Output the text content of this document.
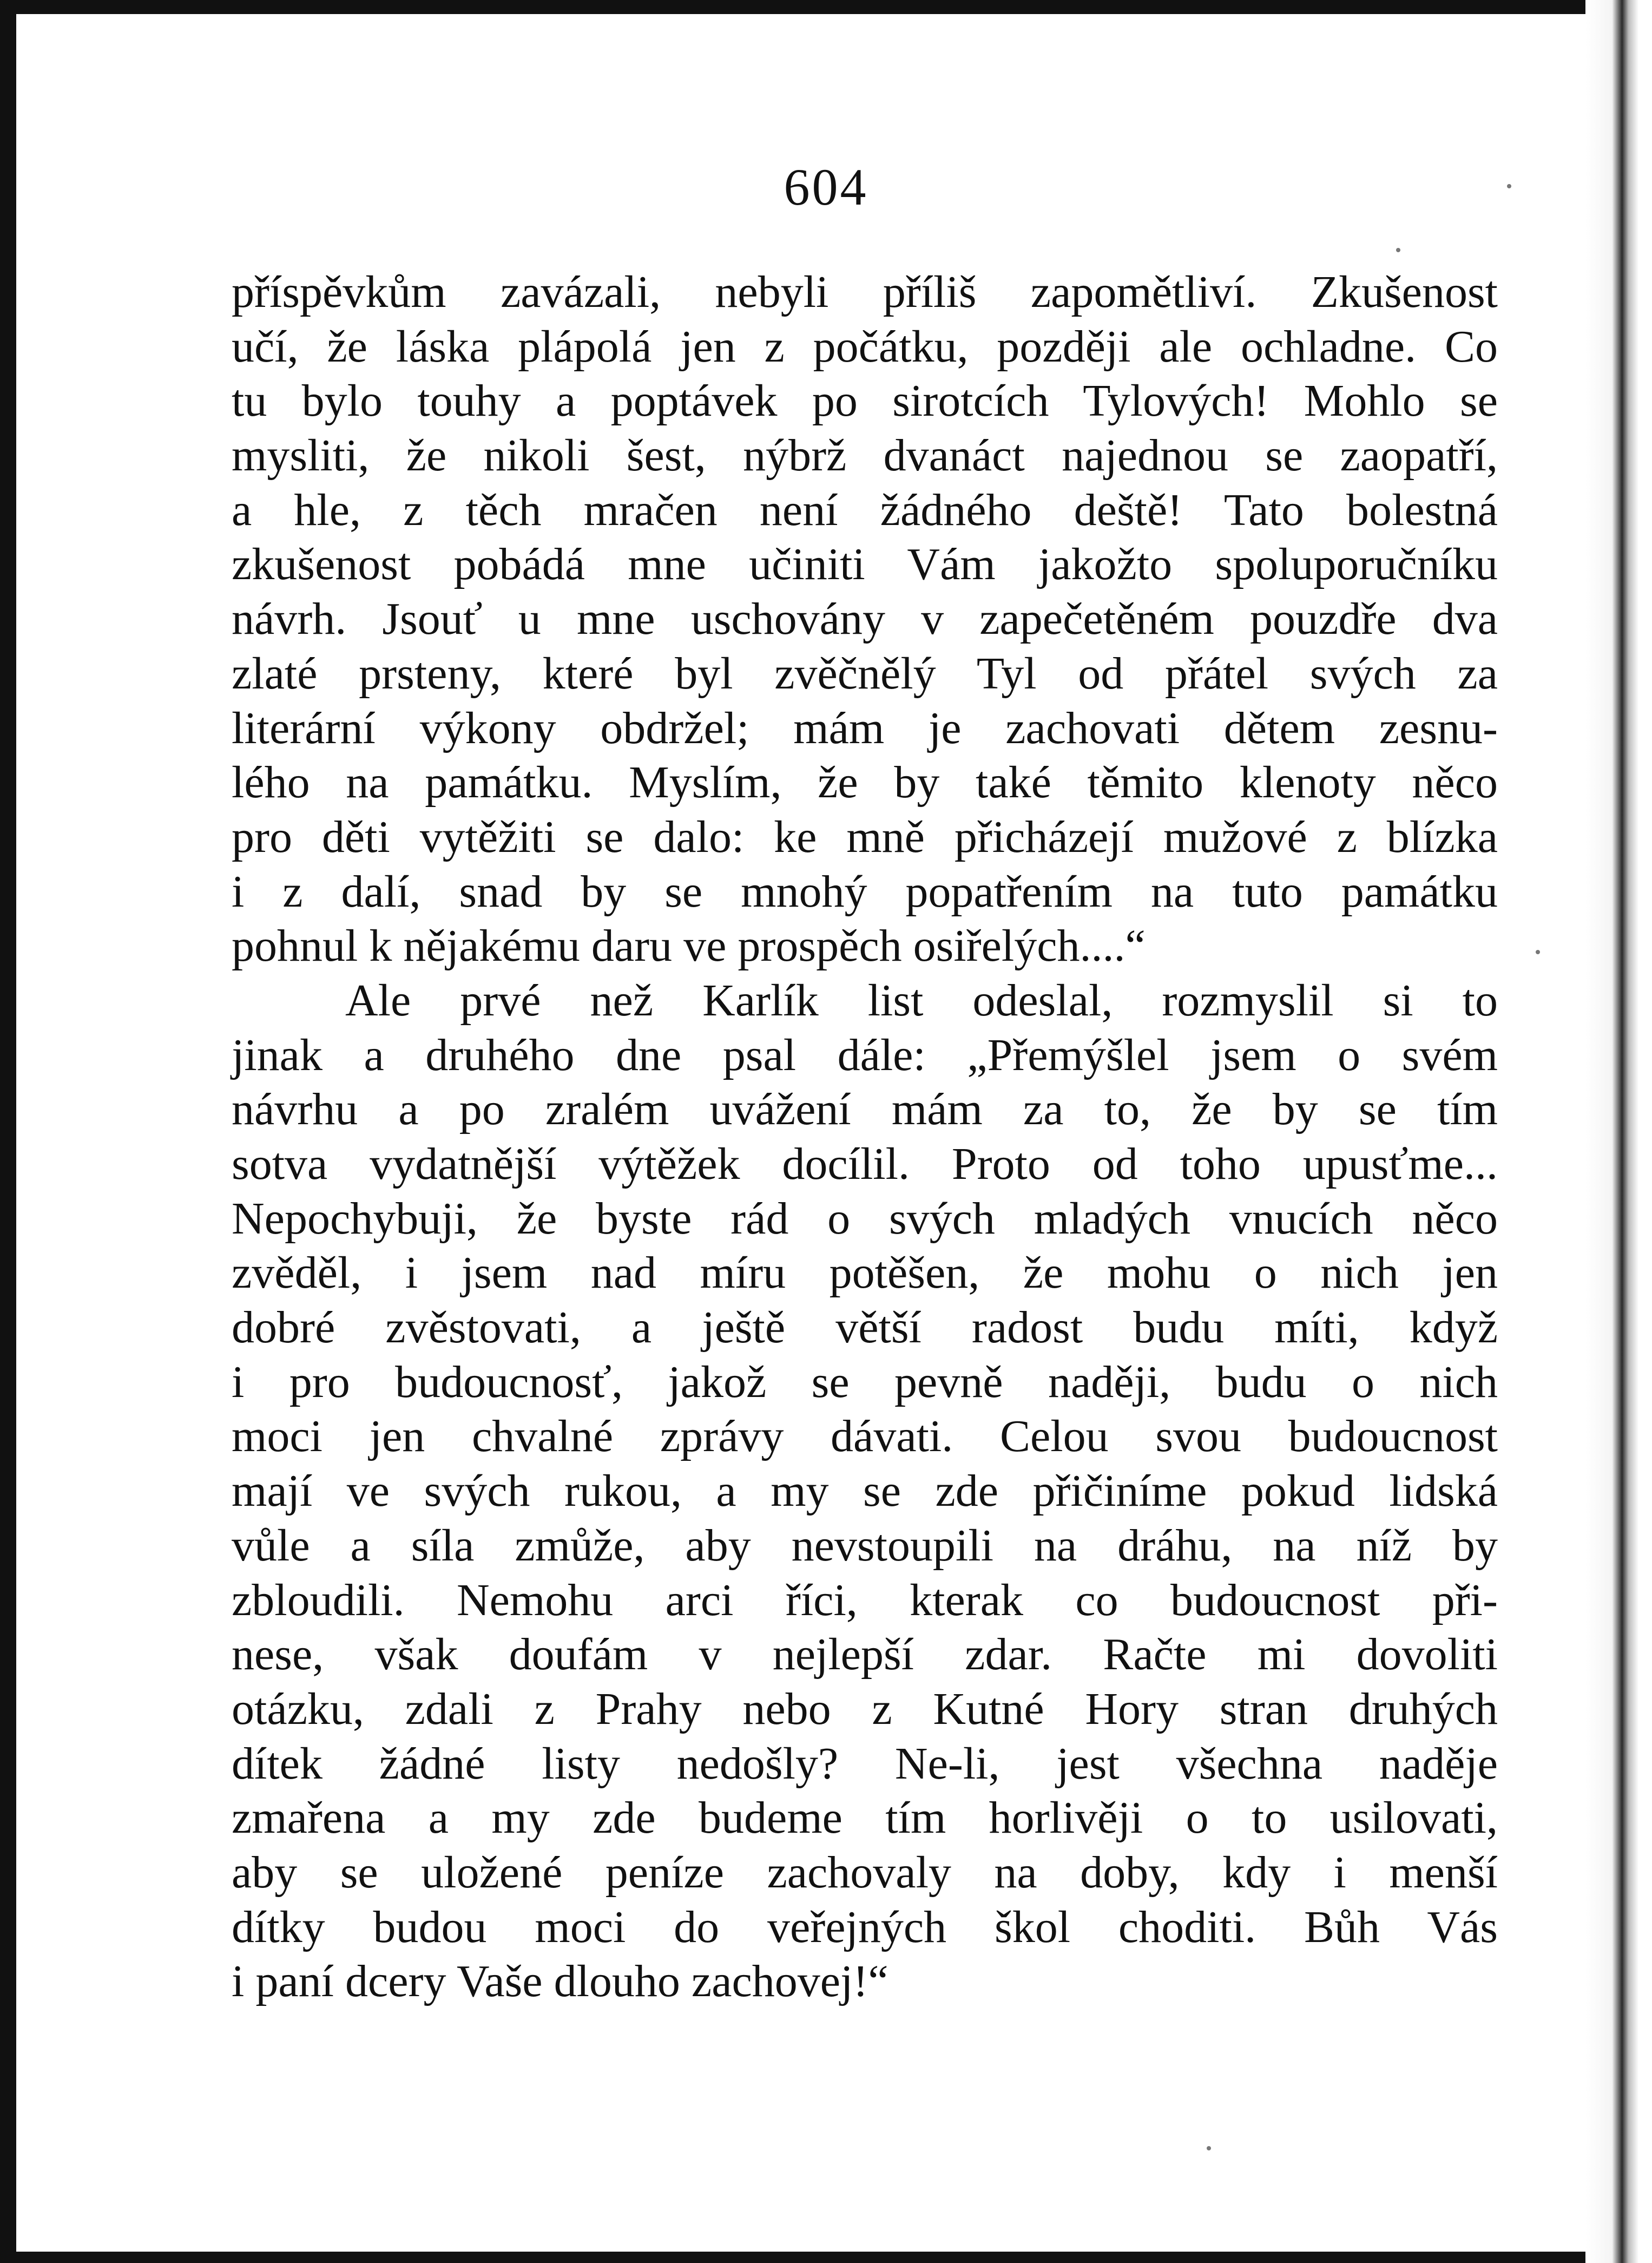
604
příspěvkům zavázali, nebyli příliš zapomětliví. Zkušenost
učí, že láska plápolá jen z počátku, později ale ochladne. Co
tu bylo touhy a poptávek po sirotcích Tylových! Mohlo se
mysliti, že nikoli šest, nýbrž dvanáct najednou se zaopatří,
a hle, z těch mračen není žádného deště! Tato bolestná
zkušenost pobádá mne učiniti Vám jakožto spoluporučníku
návrh. Jsouť u mne uschovány v zapečetěném pouzdře dva
zlaté prsteny, které byl zvěčnělý Tyl od přátel svých za
literární výkony obdržel; mám je zachovati dětem zesnu-
lého na památku. Myslím, že by také těmito klenoty něco
pro děti vytěžiti se dalo: ke mně přicházejí mužové z blízka
i z dalí, snad by se mnohý popatřením na tuto památku
pohnul k nějakému daru ve prospěch osiřelých....“
Ale prvé než Karlík list odeslal, rozmyslil si to
jinak a druhého dne psal dále: „Přemýšlel jsem o svém
návrhu a po zralém uvážení mám za to, že by se tím
sotva vydatnější výtěžek docílil. Proto od toho upusťme...
Nepochybuji, že byste rád o svých mladých vnucích něco
zvěděl, i jsem nad míru potěšen, že mohu o nich jen
dobré zvěstovati, a ještě větší radost budu míti, když
i pro budoucnosť, jakož se pevně naději, budu o nich
moci jen chvalné zprávy dávati. Celou svou budoucnost
mají ve svých rukou, a my se zde přičiníme pokud lidská
vůle a síla zmůže, aby nevstoupili na dráhu, na níž by
zbloudili. Nemohu arci říci, kterak co budoucnost při-
nese, však doufám v nejlepší zdar. Račte mi dovoliti
otázku, zdali z Prahy nebo z Kutné Hory stran druhých
dítek žádné listy nedošly? Ne-li, jest všechna naděje
zmařena a my zde budeme tím horlivěji o to usilovati,
aby se uložené peníze zachovaly na doby, kdy i menší
dítky budou moci do veřejných škol choditi. Bůh Vás
i paní dcery Vaše dlouho zachovej!“
